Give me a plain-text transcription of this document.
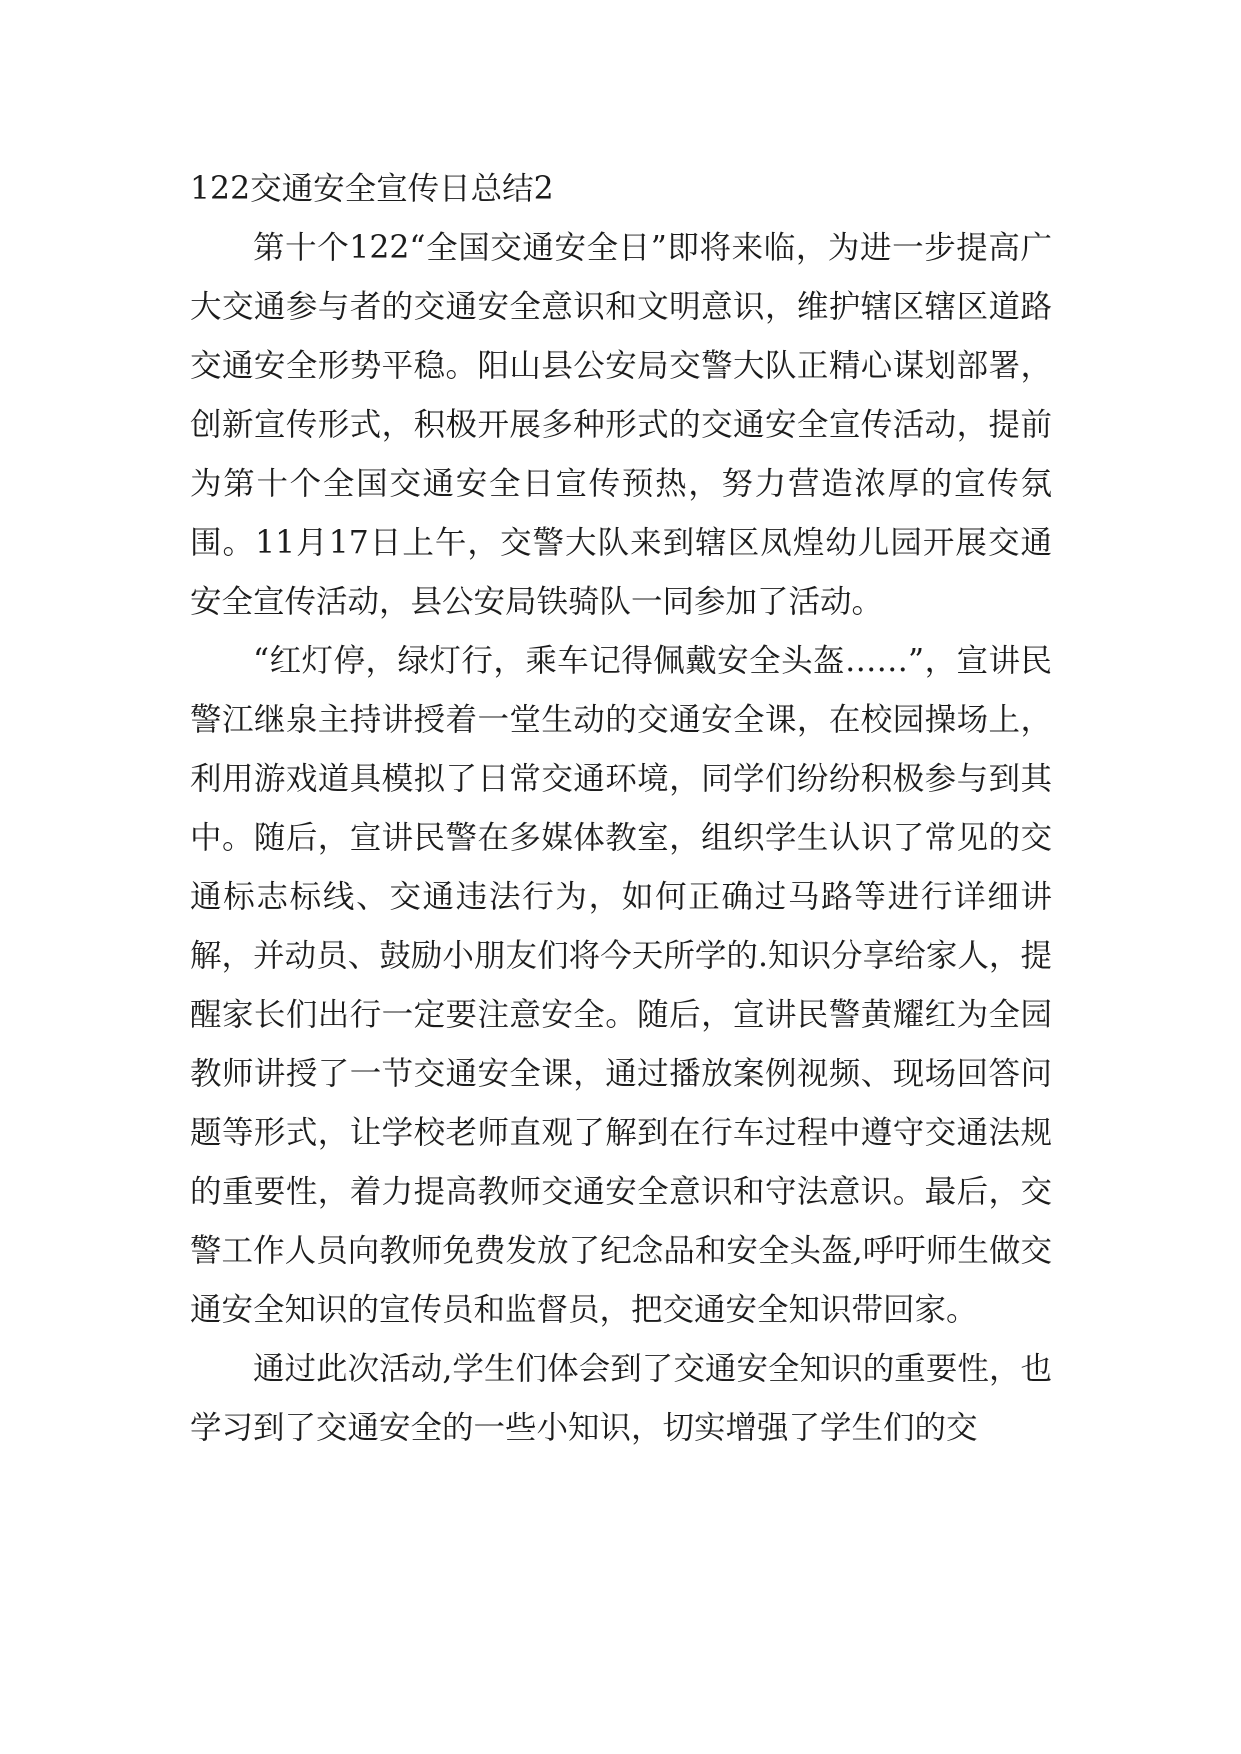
122交通安全宣传日总结2

第十个122“全国交通安全日”即将来临，为进一步提高广大交通参与者的交通安全意识和文明意识，维护辖区辖区道路交通安全形势平稳。阳山县公安局交警大队正精心谋划部署，创新宣传形式，积极开展多种形式的交通安全宣传活动，提前为第十个全国交通安全日宣传预热，努力营造浓厚的宣传氛围。11月17日上午，交警大队来到辖区凤煌幼儿园开展交通安全宣传活动，县公安局铁骑队一同参加了活动。

“红灯停，绿灯行，乘车记得佩戴安全头盔……”，宣讲民警江继泉主持讲授着一堂生动的交通安全课，在校园操场上，利用游戏道具模拟了日常交通环境，同学们纷纷积极参与到其中。随后，宣讲民警在多媒体教室，组织学生认识了常见的交通标志标线、交通违法行为，如何正确过马路等进行详细讲解，并动员、鼓励小朋友们将今天所学的.知识分享给家人，提醒家长们出行一定要注意安全。随后，宣讲民警黄耀红为全园教师讲授了一节交通安全课，通过播放案例视频、现场回答问题等形式，让学校老师直观了解到在行车过程中遵守交通法规的重要性，着力提高教师交通安全意识和守法意识。最后，交警工作人员向教师免费发放了纪念品和安全头盔,呼吁师生做交通安全知识的宣传员和监督员，把交通安全知识带回家。

通过此次活动,学生们体会到了交通安全知识的重要性，也学习到了交通安全的一些小知识，切实增强了学生们的交
